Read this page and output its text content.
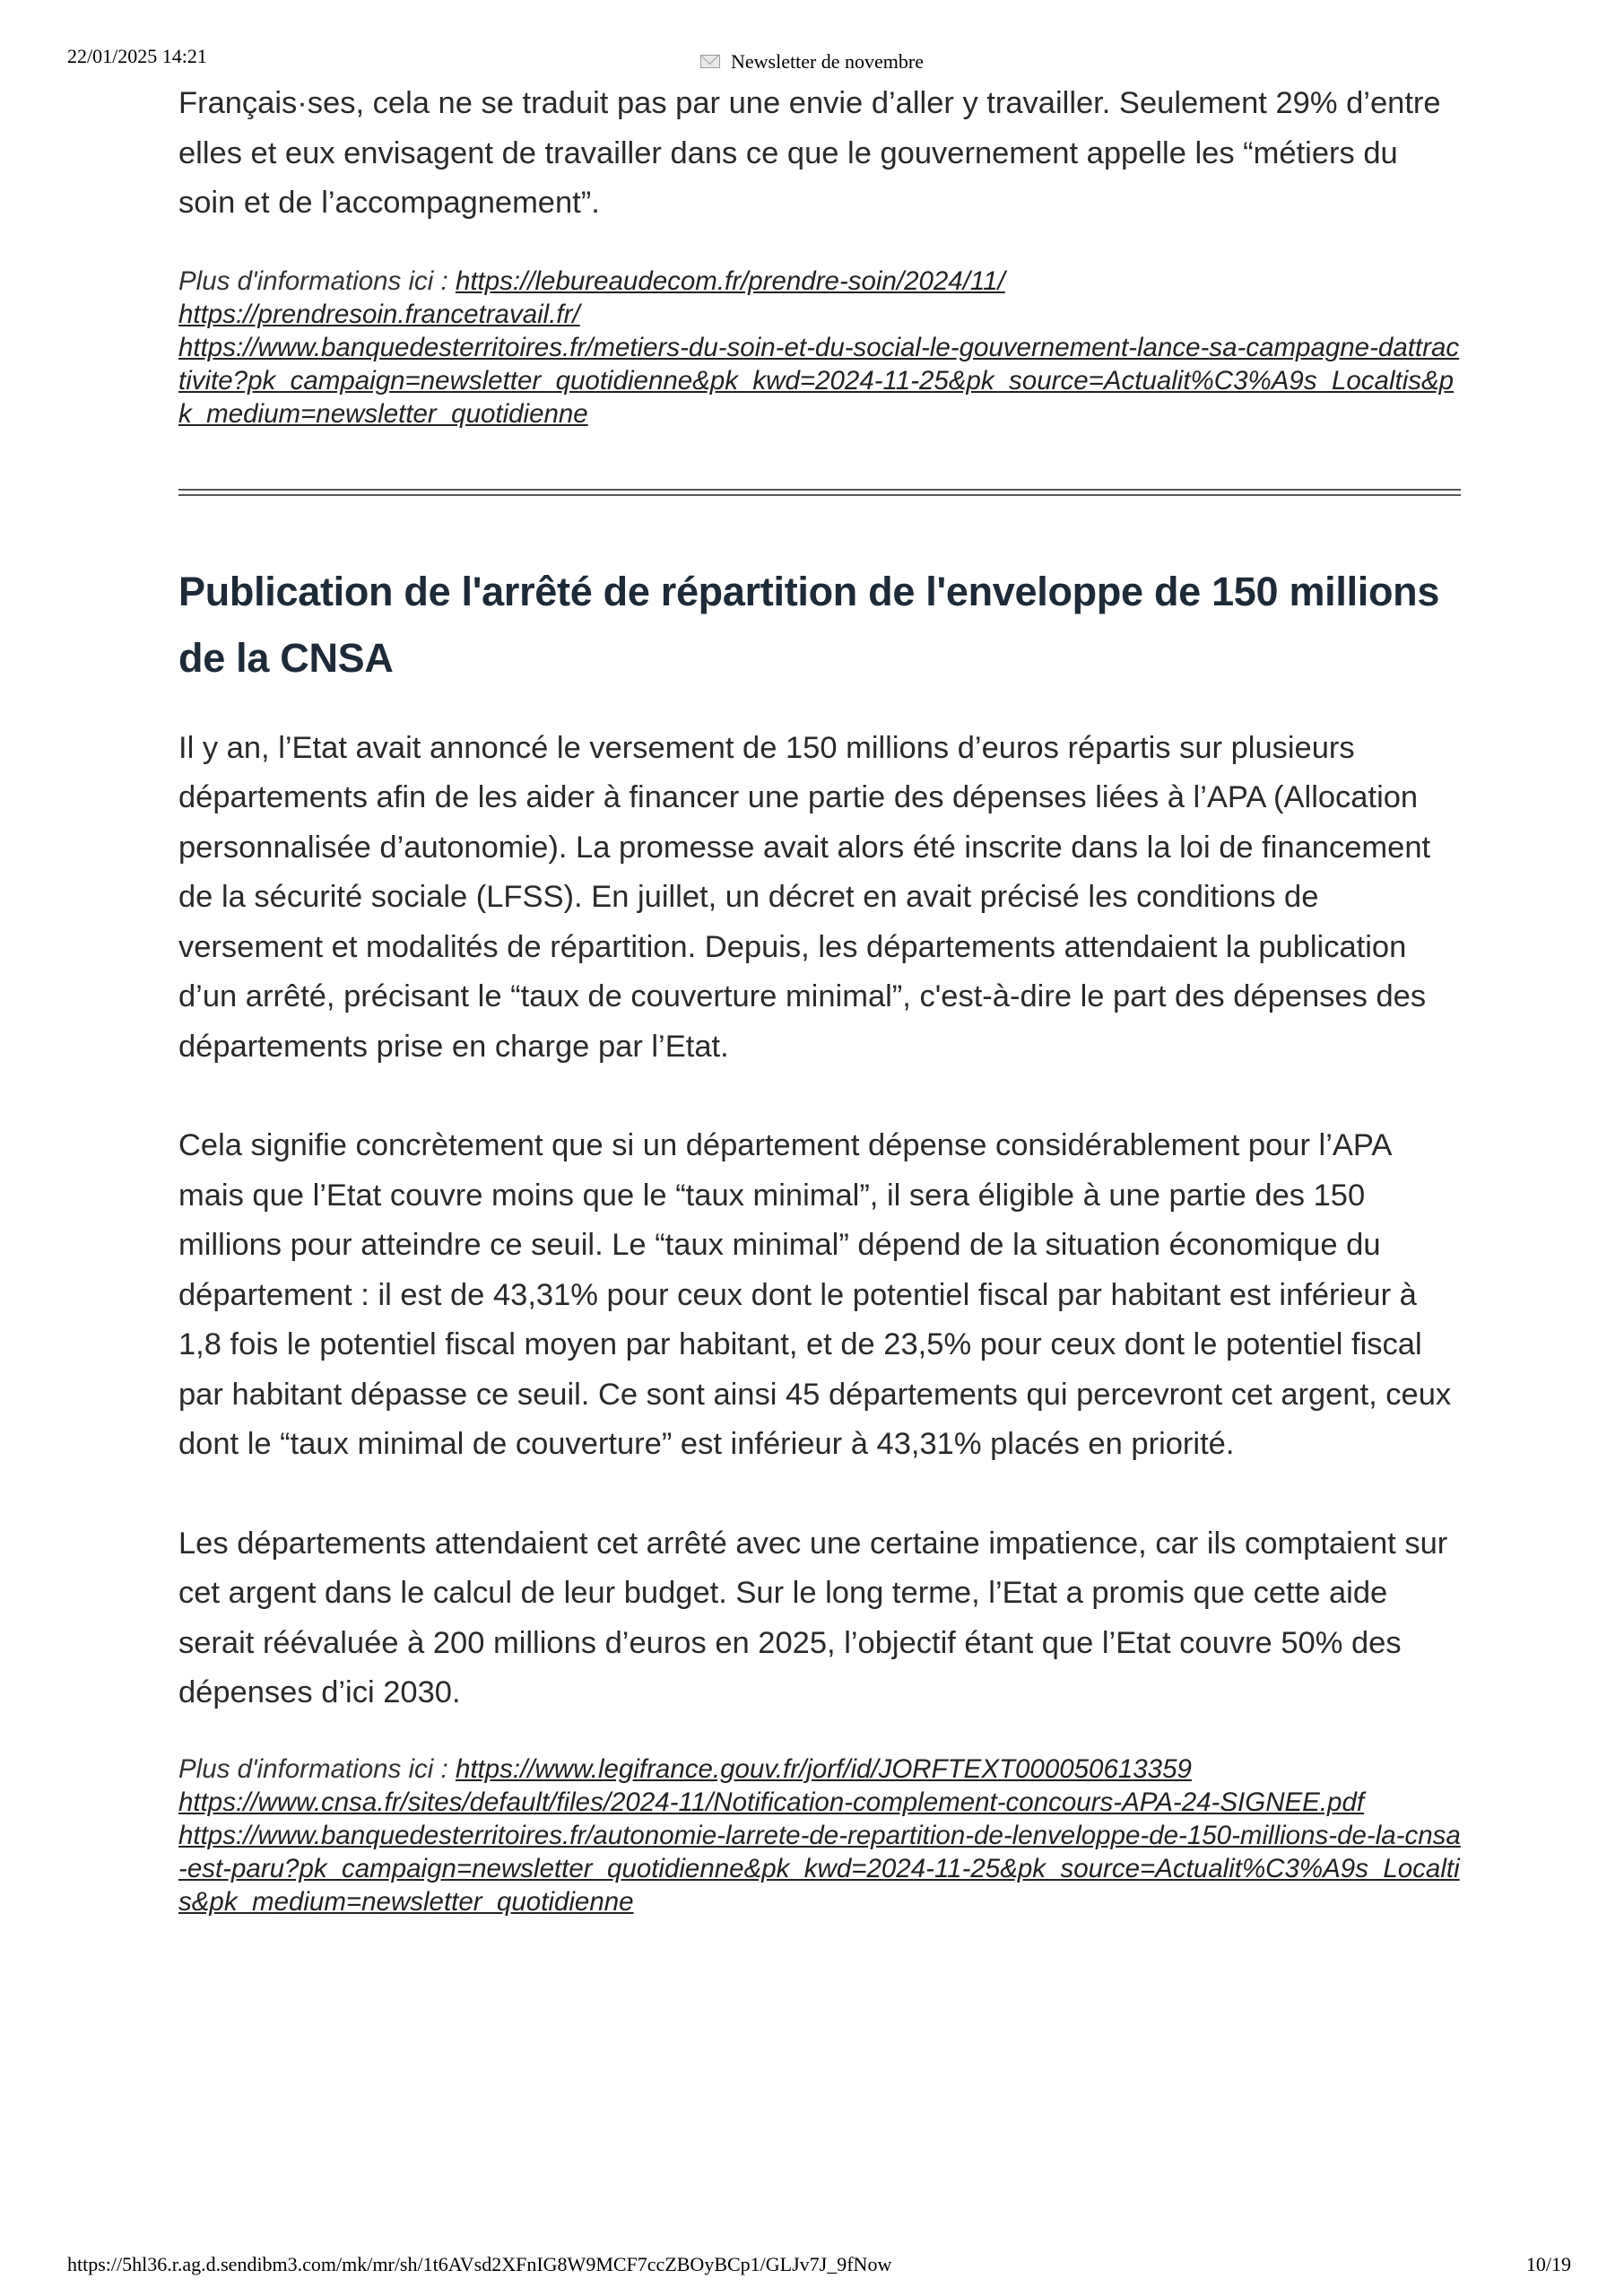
22/01/2025 14:21	Newsletter de novembre

Français·ses, cela ne se traduit pas par une envie d’aller y travailler. Seulement 29% d’entre elles et eux envisagent de travailler dans ce que le gouvernement appelle les “métiers du soin et de l’accompagnement”.

Plus d'informations ici : https://lebureaudecom.fr/prendre-soin/2024/11/
https://prendresoin.francetravail.fr/
https://www.banquedesterritoires.fr/metiers-du-soin-et-du-social-le-gouvernement-lance-sa-campagne-dattractivite?pk_campaign=newsletter_quotidienne&pk_kwd=2024-11-25&pk_source=Actualit%C3%A9s_Localtis&pk_medium=newsletter_quotidienne
Publication de l'arrêté de répartition de l'enveloppe de 150 millions de la CNSA

Il y an, l’Etat avait annoncé le versement de 150 millions d’euros répartis sur plusieurs départements afin de les aider à financer une partie des dépenses liées à l’APA (Allocation personnalisée d’autonomie). La promesse avait alors été inscrite dans la loi de financement de la sécurité sociale (LFSS). En juillet, un décret en avait précisé les conditions de versement et modalités de répartition. Depuis, les départements attendaient la publication d’un arrêté, précisant le “taux de couverture minimal”, c'est-à-dire le part des dépenses des départements prise en charge par l’Etat.

Cela signifie concrètement que si un département dépense considérablement pour l’APA mais que l’Etat couvre moins que le “taux minimal”, il sera éligible à une partie des 150 millions pour atteindre ce seuil. Le “taux minimal” dépend de la situation économique du département : il est de 43,31% pour ceux dont le potentiel fiscal par habitant est inférieur à 1,8 fois le potentiel fiscal moyen par habitant, et de 23,5% pour ceux dont le potentiel fiscal par habitant dépasse ce seuil. Ce sont ainsi 45 départements qui percevront cet argent, ceux dont le “taux minimal de couverture” est inférieur à 43,31% placés en priorité.

Les départements attendaient cet arrêté avec une certaine impatience, car ils comptaient sur cet argent dans le calcul de leur budget. Sur le long terme, l’Etat a promis que cette aide serait réévaluée à 200 millions d’euros en 2025, l’objectif étant que l’Etat couvre 50% des dépenses d’ici 2030.

Plus d'informations ici : https://www.legifrance.gouv.fr/jorf/id/JORFTEXT000050613359
https://www.cnsa.fr/sites/default/files/2024-11/Notification-complement-concours-APA-24-SIGNEE.pdf
https://www.banquedesterritoires.fr/autonomie-larrete-de-repartition-de-lenveloppe-de-150-millions-de-la-cnsa-est-paru?pk_campaign=newsletter_quotidienne&pk_kwd=2024-11-25&pk_source=Actualit%C3%A9s_Localtis&pk_medium=newsletter_quotidienne
https://5hl36.r.ag.d.sendibm3.com/mk/mr/sh/1t6AVsd2XFnIG8W9MCF7ccZBOyBCp1/GLJv7J_9fNow	10/19
